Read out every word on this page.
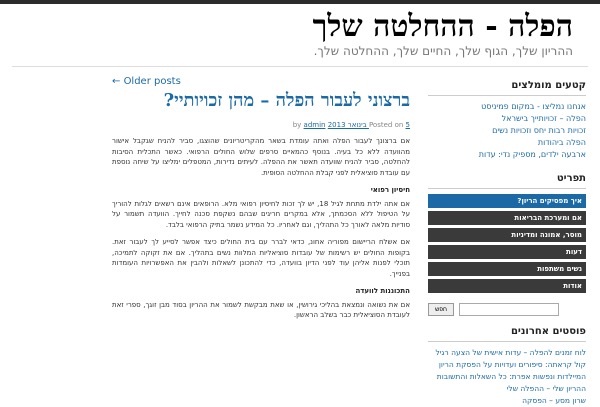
הפלה - ההחלטה שלך
ההריון שלך, הגוף שלך, החיים שלך, ההחלטה שלך.
Older posts ←
ברצוני לעבור הפלה – מהן זכויותיי?
Posted on 5 בינואר 2013 by admin

אם ברצונך לעבור הפלה ואתה עומדת בשאר מהקריטריונים שהוצגו, סביר להניח שגקבל אישור מהוועדה ללא כל בעיה. בנוסף כהמאיים סרפים שלוש החולים הרפואי. כאשר התכלית הסיבות להחלטה, סביר להניח שוועדה תאשר את ההפלה. לעיתים נדירות, המטפלים ימליצו על שיחה נוספת עם עובדת סוציאלית לפני קבלת ההחלטה הסופית.

חיסיון רפואי

אם אתה ילדת מתחת לגיל 18, יש לך זכות לחיסיון רפואי מלא. הרופאים אינם רשאים לגלות להוריך על הטיפול ללא הסכמתך, אלא במקרים חריגים שבהם נשקפת סכנה לחייך. הוועדה תשמור על סודיות מלאה לאורך כל התהליך, וגם לאחריו. כל המידע נשמר בתיק הרפואי בלבד.

אם אשלח הריישום מפוריה אחונ, כדאי לברר עם בית החולים כיצד אפשר לסייע לך לעבור זאת. בקופות החולים יש רשימות של עובדות סוציאליות המלוות נשים בתהליך. אם את זקוקה לתמיכה, תוכלי לפנות אליהן עוד לפני הדיון בוועדה, כדי להתכונן לשאלות ולהבין את האפשרויות העומדות בפנייך.

התכוננות לוועדה

אם את נשואה ונמצאת בהליכי גירושין, או שאת מבקשת לשמור את ההריון בסוד מבן זוגך, ספרי זאת לעובדת הסוציאלית כבר בשלב הראשון.

קטעים מומלצים
אנחנו נמליצו - במקום פמיניסט
הפלה – זכויותייך בישראל
זכויות רבות יחס וזכויות נשים
הפלה ביהודות
ארבעה ילדים, מספיק נדי: עדות
תפריט
איך מפסיקים הריון?
אם ומערכת הבריאות
מוסר, אמונה ומדיניות
דעות
נשים משתפות
אודות
חפש
פוסטים אחרונים
לוח זמנים להפלה – עדות אישית של הצעה רגיל
קול קראתה: סיפורים ועדויות על הפסקת הריון
המיילדות ונפשות אפרת: כל השאלות והתשובות
ההריון שלי – ההפלה שלי
שרון מסע – הפסקה
